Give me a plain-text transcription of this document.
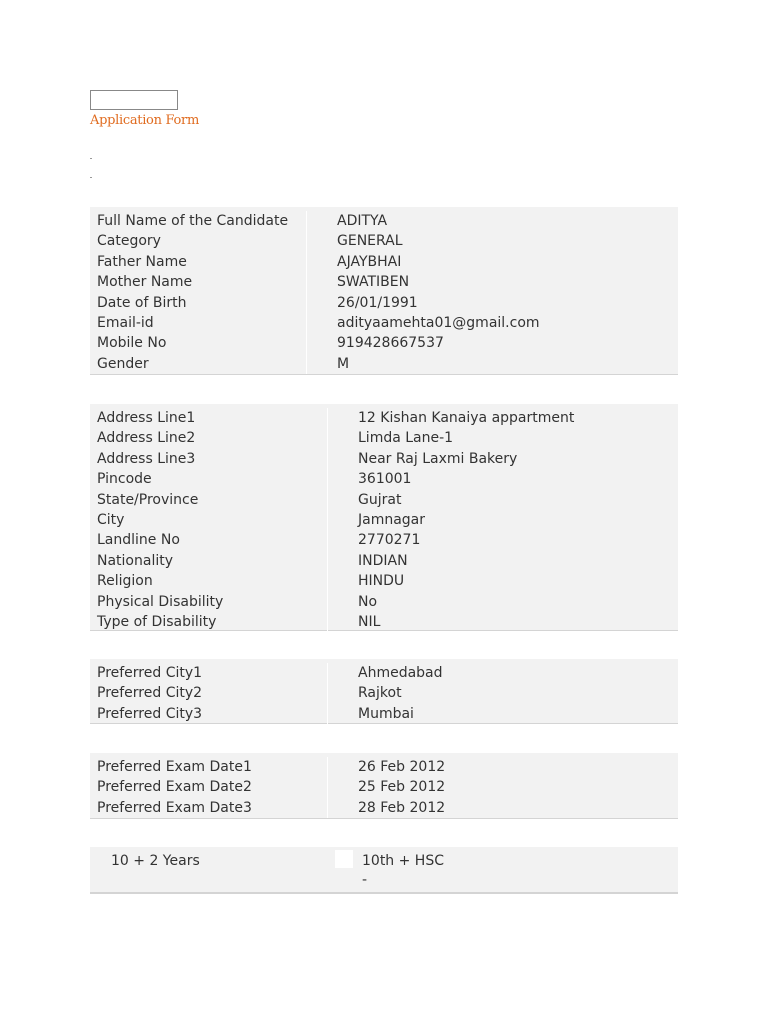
Application Form
Full Name of the Candidate	ADITYA
Category	GENERAL
Father Name	AJAYBHAI
Mother Name	SWATIBEN
Date of Birth	26/01/1991
Email-id	adityaamehta01@gmail.com
Mobile No	919428667537
Gender	M
Address Line1	12 Kishan Kanaiya appartment
Address Line2	Limda Lane-1
Address Line3	Near Raj Laxmi Bakery
Pincode	361001
State/Province	Gujrat
City	Jamnagar
Landline No	2770271
Nationality	INDIAN
Religion	HINDU
Physical Disability	No
Type of Disability	NIL
Preferred City1	Ahmedabad
Preferred City2	Rajkot
Preferred City3	Mumbai
Preferred Exam Date1	26 Feb 2012
Preferred Exam Date2	25 Feb 2012
Preferred Exam Date3	28 Feb 2012
10 + 2 Years	10th + HSC
-
